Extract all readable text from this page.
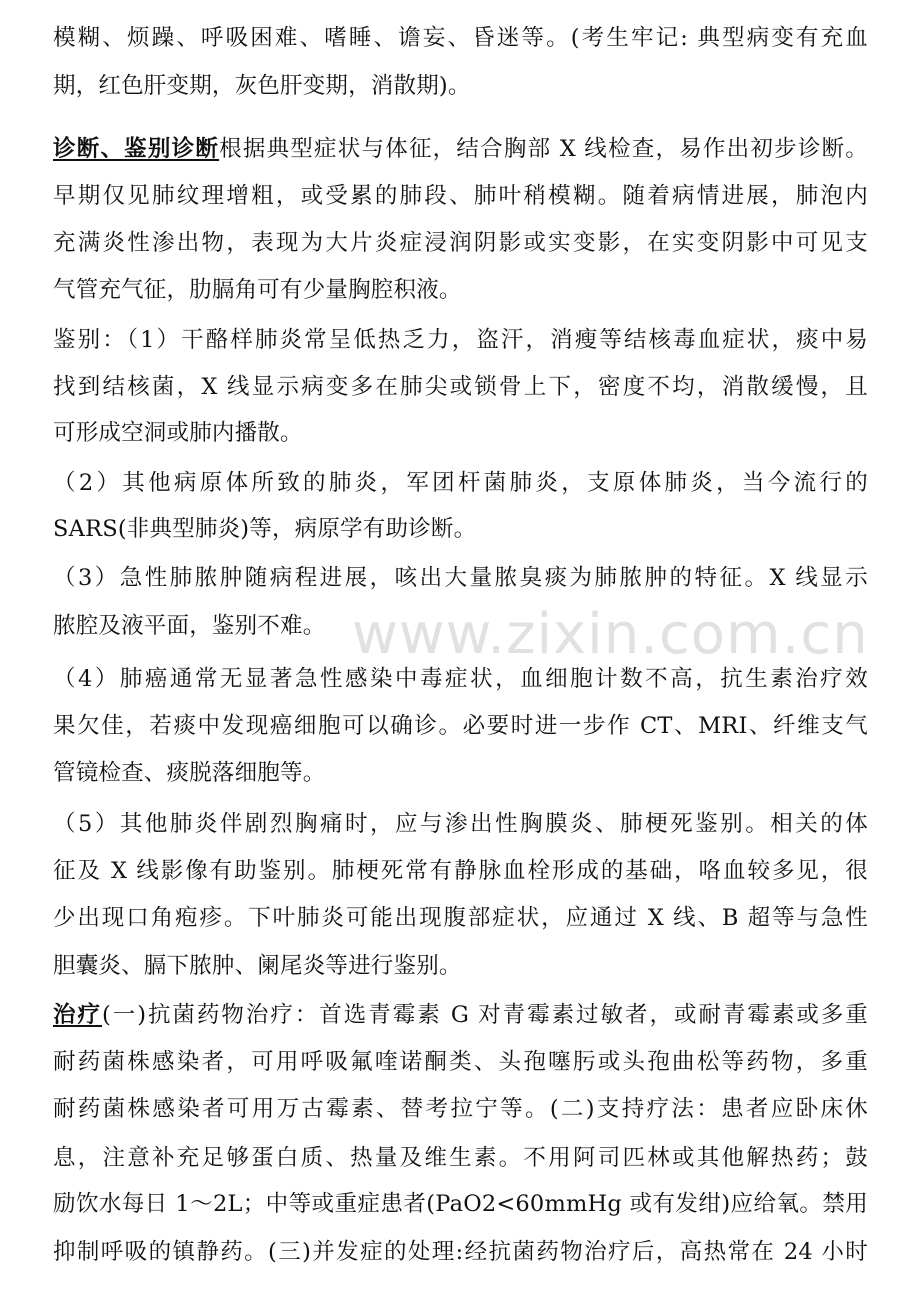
www.zixin.com.cn
模糊、烦躁、呼吸困难、嗜睡、谵妄、昏迷等。(考生牢记: 典型病变有充血
期，红色肝变期，灰色肝变期，消散期)。
诊断、鉴别诊断根据典型症状与体征，结合胸部 X 线检查，易作出初步诊断。
早期仅见肺纹理增粗，或受累的肺段、肺叶稍模糊。随着病情进展，肺泡内
充满炎性渗出物，表现为大片炎症浸润阴影或实变影，在实变阴影中可见支
气管充气征，肋膈角可有少量胸腔积液。
鉴别：（1）干酪样肺炎常呈低热乏力，盗汗，消瘦等结核毒血症状，痰中易
找到结核菌，X 线显示病变多在肺尖或锁骨上下，密度不均，消散缓慢，且
可形成空洞或肺内播散。
（2）其他病原体所致的肺炎，军团杆菌肺炎，支原体肺炎，当今流行的
SARS(非典型肺炎)等，病原学有助诊断。
（3）急性肺脓肿随病程进展，咳出大量脓臭痰为肺脓肿的特征。X 线显示
脓腔及液平面，鉴别不难。
（4）肺癌通常无显著急性感染中毒症状，血细胞计数不高，抗生素治疗效
果欠佳，若痰中发现癌细胞可以确诊。必要时进一步作 CT、MRI、纤维支气
管镜检查、痰脱落细胞等。
（5）其他肺炎伴剧烈胸痛时，应与渗出性胸膜炎、肺梗死鉴别。相关的体
征及 X 线影像有助鉴别。肺梗死常有静脉血栓形成的基础，咯血较多见，很
少出现口角疱疹。下叶肺炎可能出现腹部症状，应通过 X 线、B 超等与急性
胆囊炎、膈下脓肿、阑尾炎等进行鉴别。
治疗(一)抗菌药物治疗：首选青霉素 G 对青霉素过敏者，或耐青霉素或多重
耐药菌株感染者，可用呼吸氟喹诺酮类、头孢噻肟或头孢曲松等药物，多重
耐药菌株感染者可用万古霉素、替考拉宁等。(二)支持疗法：患者应卧床休
息，注意补充足够蛋白质、热量及维生素。不用阿司匹林或其他解热药；鼓
励饮水每日 1～2L；中等或重症患者(PaO2<60mmHg 或有发绀)应给氧。禁用
抑制呼吸的镇静药。(三)并发症的处理:经抗菌药物治疗后，高热常在 24 小时
